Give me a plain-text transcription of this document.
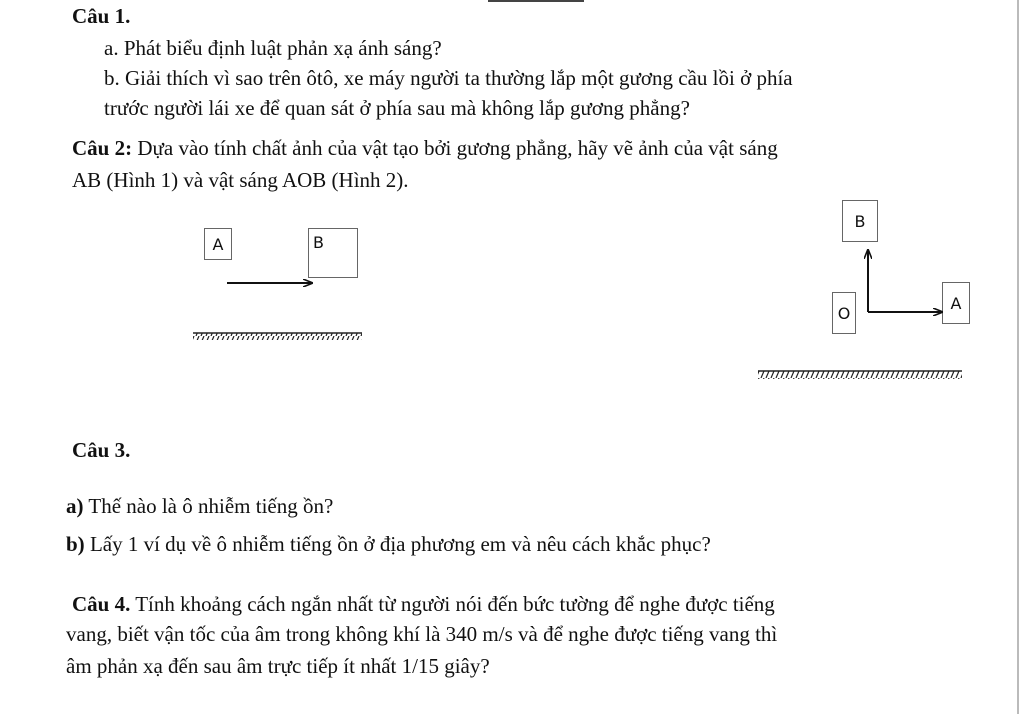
Câu 1.
a. Phát biểu định luật phản xạ ánh sáng?
b. Giải thích vì sao trên ôtô, xe máy người ta thường lắp một gương cầu lồi ở phía
trước người lái xe để quan sát ở phía sau mà không lắp gương phẳng?
Câu 2: Dựa vào tính chất ảnh của vật tạo bởi gương phẳng, hãy vẽ ảnh của vật sáng
AB (Hình 1) và vật sáng AOB (Hình 2).
A	B
B
O
A
Câu 3.
a) Thế nào là ô nhiễm tiếng ồn?
b) Lấy 1 ví dụ về ô nhiễm tiếng ồn ở địa phương em và nêu cách khắc phục?
Câu 4. Tính khoảng cách ngắn nhất từ người nói đến bức tường để nghe được tiếng
vang, biết vận tốc của âm trong không khí là 340 m/s và để nghe được tiếng vang thì
âm phản xạ đến sau âm trực tiếp ít nhất 1/15 giây?
